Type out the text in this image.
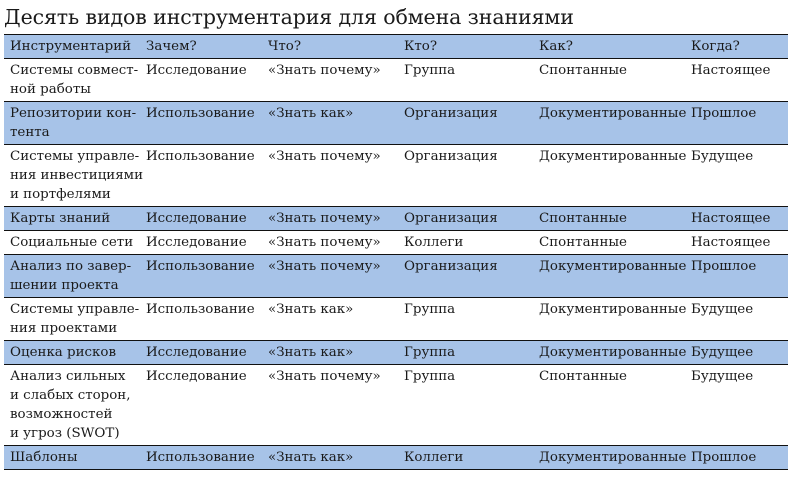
Десять видов инструментария для обмена знаниями
Инструментарий	Зачем?	Что?	Кто?	Как?	Когда?
Системы совмест-
ной работы	Исследование	«Знать почему»	Группа	Спонтанные	Настоящее
Репозитории кон-
тента	Использование	«Знать как»	Организация	Документированные	Прошлое
Системы управле-
ния инвестициями
и портфелями	Использование	«Знать почему»	Организация	Документированные	Будущее
Карты знаний	Исследование	«Знать почему»	Организация	Спонтанные	Настоящее
Социальные сети	Исследование	«Знать почему»	Коллеги	Спонтанные	Настоящее
Анализ по завер-
шении проекта	Использование	«Знать почему»	Организация	Документированные	Прошлое
Системы управле-
ния проектами	Использование	«Знать как»	Группа	Документированные	Будущее
Оценка рисков	Исследование	«Знать как»	Группа	Документированные	Будущее
Анализ сильных
и слабых сторон,
возможностей
и угроз (SWOT)	Исследование	«Знать почему»	Группа	Спонтанные	Будущее
Шаблоны	Использование	«Знать как»	Коллеги	Документированные	Прошлое
